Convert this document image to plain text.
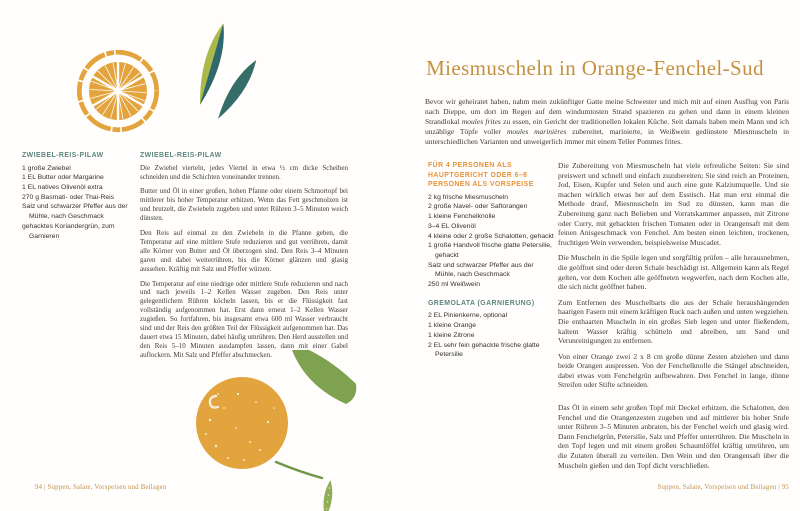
ZWIEBEL-REIS-PILAW
1 große Zwiebel
1 EL Butter oder Margarine
1 EL natives Olivenöl extra
270 g Basmati- oder Thai-Reis
Salz und schwarzer Pfeffer aus der Mühle, nach Geschmack
gehacktes Koriandergrün, zum Garnieren
ZWIEBEL-REIS-PILAW

Die Zwiebel vierteln, jedes Viertel in etwa ½ cm dicke Scheiben schneiden und die Schichten voneinander trennen.

Butter und Öl in einer großen, hohen Pfanne oder einem Schmortopf bei mittlerer bis hoher Temperatur erhitzen. Wenn das Fett geschmolzen ist und brutzelt, die Zwiebeln zugeben und unter Rühren 3–5 Minuten weich dünsten.

Den Reis auf einmal zu den Zwiebeln in die Pfanne geben, die Temperatur auf eine mittlere Stufe reduzieren und gut verrühren, damit alle Körner von Butter und Öl überzogen sind. Den Reis 3–4 Minuten garen und dabei weiterrühren, bis die Körner glänzen und glasig aussehen. Kräftig mit Salz und Pfeffer würzen.

Die Temperatur auf eine niedrige oder mittlere Stufe reduzieren und nach und nach jeweils 1–2 Kellen Wasser zugeben. Den Reis unter gelegentlichem Rühren köcheln lassen, bis er die Flüssigkeit fast vollständig aufgenommen hat. Erst dann erneut 1–2 Kellen Wasser zugießen. So fortfahren, bis insgesamt etwa 600 ml Wasser verbraucht sind und der Reis den größten Teil der Flüssigkeit aufgenommen hat. Das dauert etwa 15 Minuten, dabei häufig umrühren. Den Herd ausstellen und den Reis 5–10 Minuten ausdampfen lassen, dann mit einer Gabel auflockern. Mit Salz und Pfeffer abschmecken.

94 | Suppen, Salate, Vorspeisen und Beilagen
Miesmuscheln in Orange-Fenchel-Sud

Bevor wir geheiratet haben, nahm mein zukünftiger Gatte meine Schwester und mich mit auf einen Ausflug von Paris nach Dieppe, um dort im Regen auf dem windumtosten Strand spazieren zu gehen und dann in einem kleinen Strandlokal moules frites zu essen, ein Gericht der traditionellen lokalen Küche. Seit damals haben mein Mann und ich unzählige Töpfe voller moules marinières zubereitet, marinierte, in Weißwein gedünstete Miesmuscheln in unterschiedlichen Varianten und unweigerlich immer mit einem Teller Pommes frites.

FÜR 4 PERSONEN ALS HAUPTGERICHT ODER 6–8 PERSONEN ALS VORSPEISE
2 kg frische Miesmuscheln
2 große Navel- oder Saftorangen
1 kleine Fenchelknolle
3–4 EL Olivenöl
4 kleine oder 2 große Schalotten, gehackt
1 große Handvoll frische glatte Petersilie, gehackt
Salz und schwarzer Pfeffer aus der Mühle, nach Geschmack
250 ml Weißwein
GREMOLATA (GARNIERUNG)
2 EL Pinienkerne, optional
1 kleine Orange
1 kleine Zitrone
2 EL sehr fein gehackte frische glatte Petersilie

Die Zubereitung von Miesmuscheln hat viele erfreuliche Seiten: Sie sind preiswert und schnell und einfach zuzubereiten; Sie sind reich an Proteinen, Jod, Eisen, Kupfer und Selen und auch eine gute Kalziumquelle. Und sie machen wirklich etwas her auf dem Esstisch. Hat man erst einmal die Methode drauf, Miesmuscheln im Sud zu dünsten, kann man die Zubereitung ganz nach Belieben und Vorratskammer anpassen, mit Zitrone oder Curry, mit gehackten frischen Tomaten oder in Orangensaft mit dem feinen Anisgeschmack von Fenchel. Am besten einen leichten, trockenen, fruchtigen Wein verwenden, beispielsweise Muscadet.

Die Muscheln in die Spüle legen und sorgfältig prüfen – alle herausnehmen, die geöffnet sind oder deren Schale beschädigt ist. Allgemein kann als Regel gelten, vor dem Kochen alle geöffneten wegwerfen, nach dem Kochen alle, die sich nicht geöffnet haben.

Zum Entfernen des Muschelbarts die aus der Schale heraushängenden haarigen Fasern mit einem kräftigen Ruck nach außen und unten wegziehen. Die enthaarten Muscheln in ein großes Sieb legen und unter fließendem, kaltem Wasser kräftig schütteln und abreiben, um Sand und Verunreinigungen zu entfernen.

Von einer Orange zwei 2 x 8 cm große dünne Zesten abziehen und dann beide Orangen auspressen. Von der Fenchelknolle die Stängel abschneiden, dabei etwas vom Fenchelgrün aufbewahren. Den Fenchel in lange, dünne Streifen oder Stifte schneiden.

Das Öl in einem sehr großen Topf mit Deckel erhitzen, die Schalotten, den Fenchel und die Orangenzesten zugeben und auf mittlerer bis hoher Stufe unter Rühren 3–5 Minuten anbraten, bis der Fenchel weich und glasig wird. Dann Fenchelgrün, Petersilie, Salz und Pfeffer unterrühren. Die Muscheln in den Topf legen und mit einem großen Schaumlöffel kräftig umrühren, um die Zutaten überall zu verteilen. Den Wein und den Orangensaft über die Muscheln gießen und den Topf dicht verschließen.

Suppen, Salate, Vorspeisen und Beilagen | 95
